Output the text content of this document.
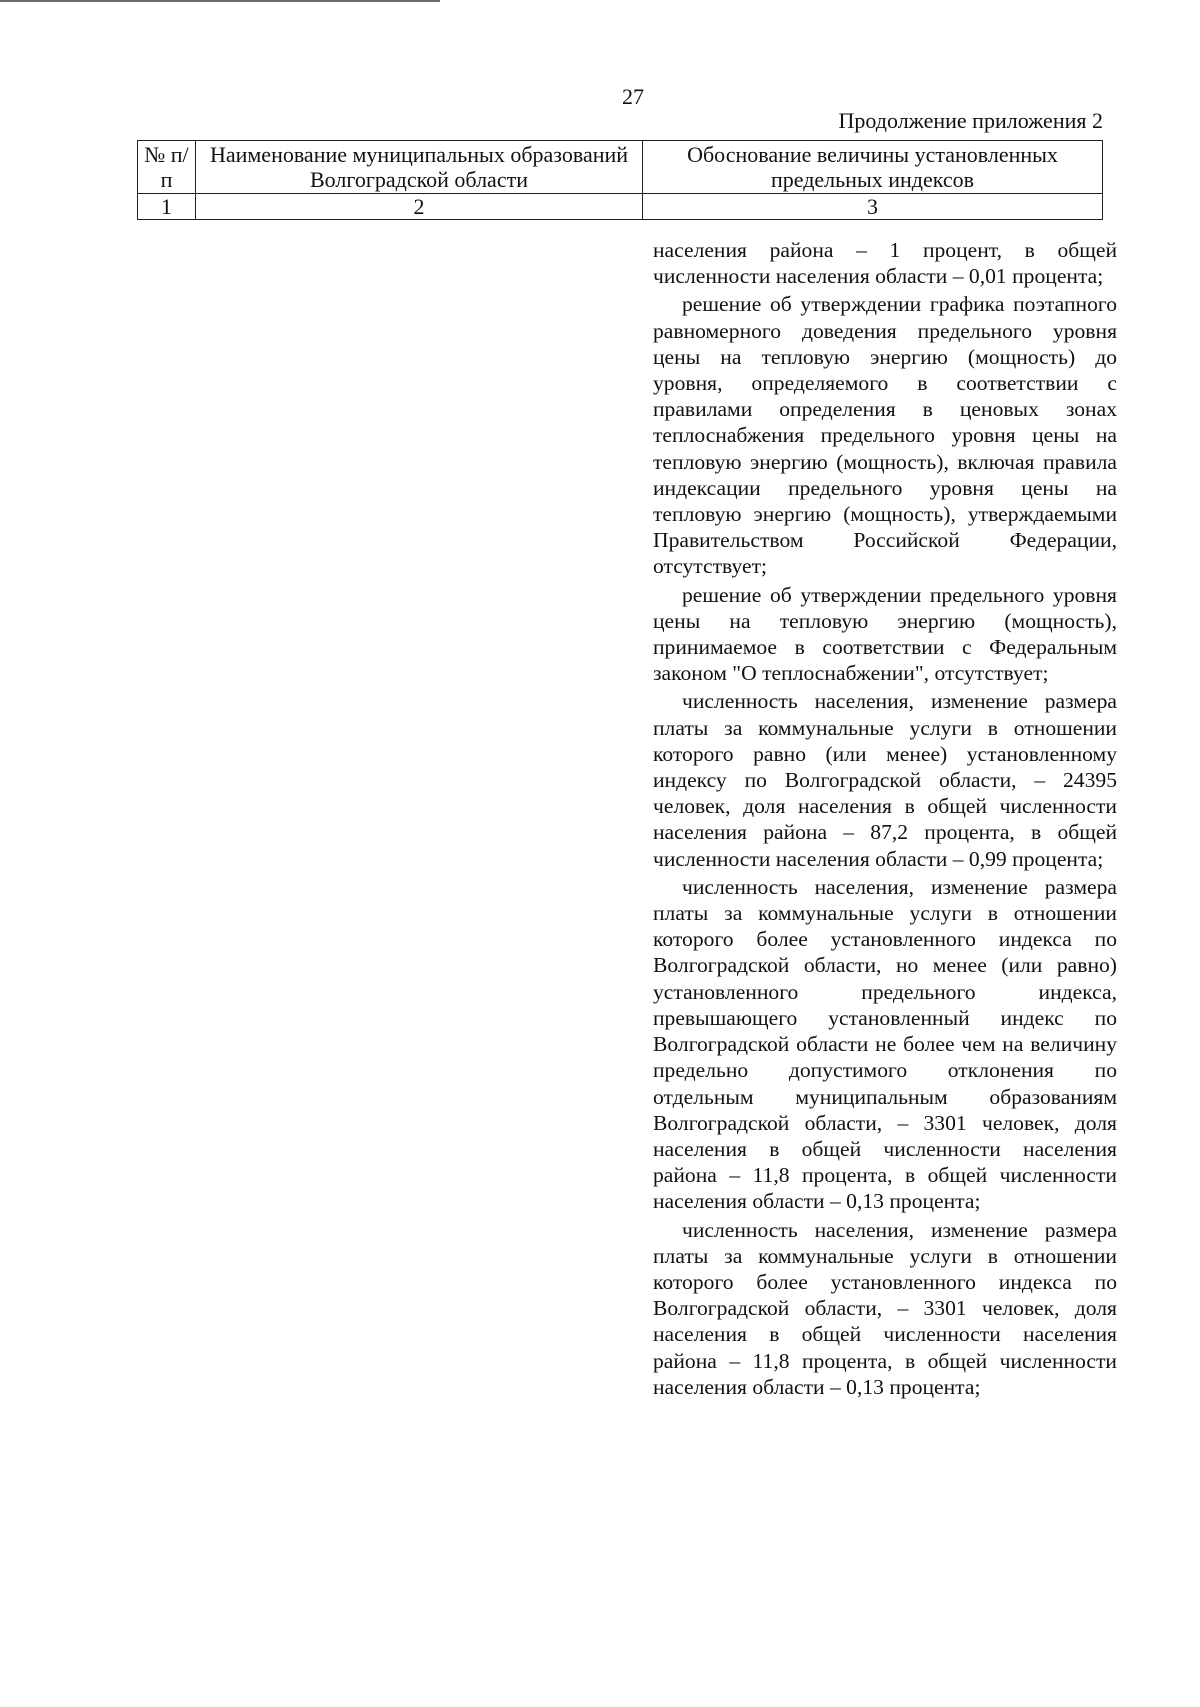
27
Продолжение приложения 2
№ п/п	Наименование муниципальных образований Волгоградской области	Обоснование величины установленных предельных индексов
1	2	3

населения района – 1 процент, в общей численности населения области – 0,01 процента;

решение об утверждении графика поэтапного равномерного доведения предельного уровня цены на тепловую энергию (мощность) до уровня, определяемого в соответствии с правилами определения в ценовых зонах теплоснабжения предельного уровня цены на тепловую энергию (мощность), включая правила индексации предельного уровня цены на тепловую энергию (мощность), утверждаемыми Правительством Российской Федерации, отсутствует;

решение об утверждении предельного уровня цены на тепловую энергию (мощность), принимаемое в соответствии с Федеральным законом "О теплоснабжении", отсутствует;

численность населения, изменение размера платы за коммунальные услуги в отношении которого равно (или менее) установленному индексу по Волгоградской области, – 24395 человек, доля населения в общей численности населения района – 87,2 процента, в общей численности населения области – 0,99 процента;

численность населения, изменение размера платы за коммунальные услуги в отношении которого более установленного индекса по Волгоградской области, но менее (или равно) установленного предельного индекса, превышающего установленный индекс по Волгоградской области не более чем на величину предельно допустимого отклонения по отдельным муниципальным образованиям Волгоградской области, – 3301 человек, доля населения в общей численности населения района – 11,8 процента, в общей численности населения области – 0,13 процента;

численность населения, изменение размера платы за коммунальные услуги в отношении которого более установленного индекса по Волгоградской области, – 3301 человек, доля населения в общей численности населения района – 11,8 процента, в общей численности населения области – 0,13 процента;
